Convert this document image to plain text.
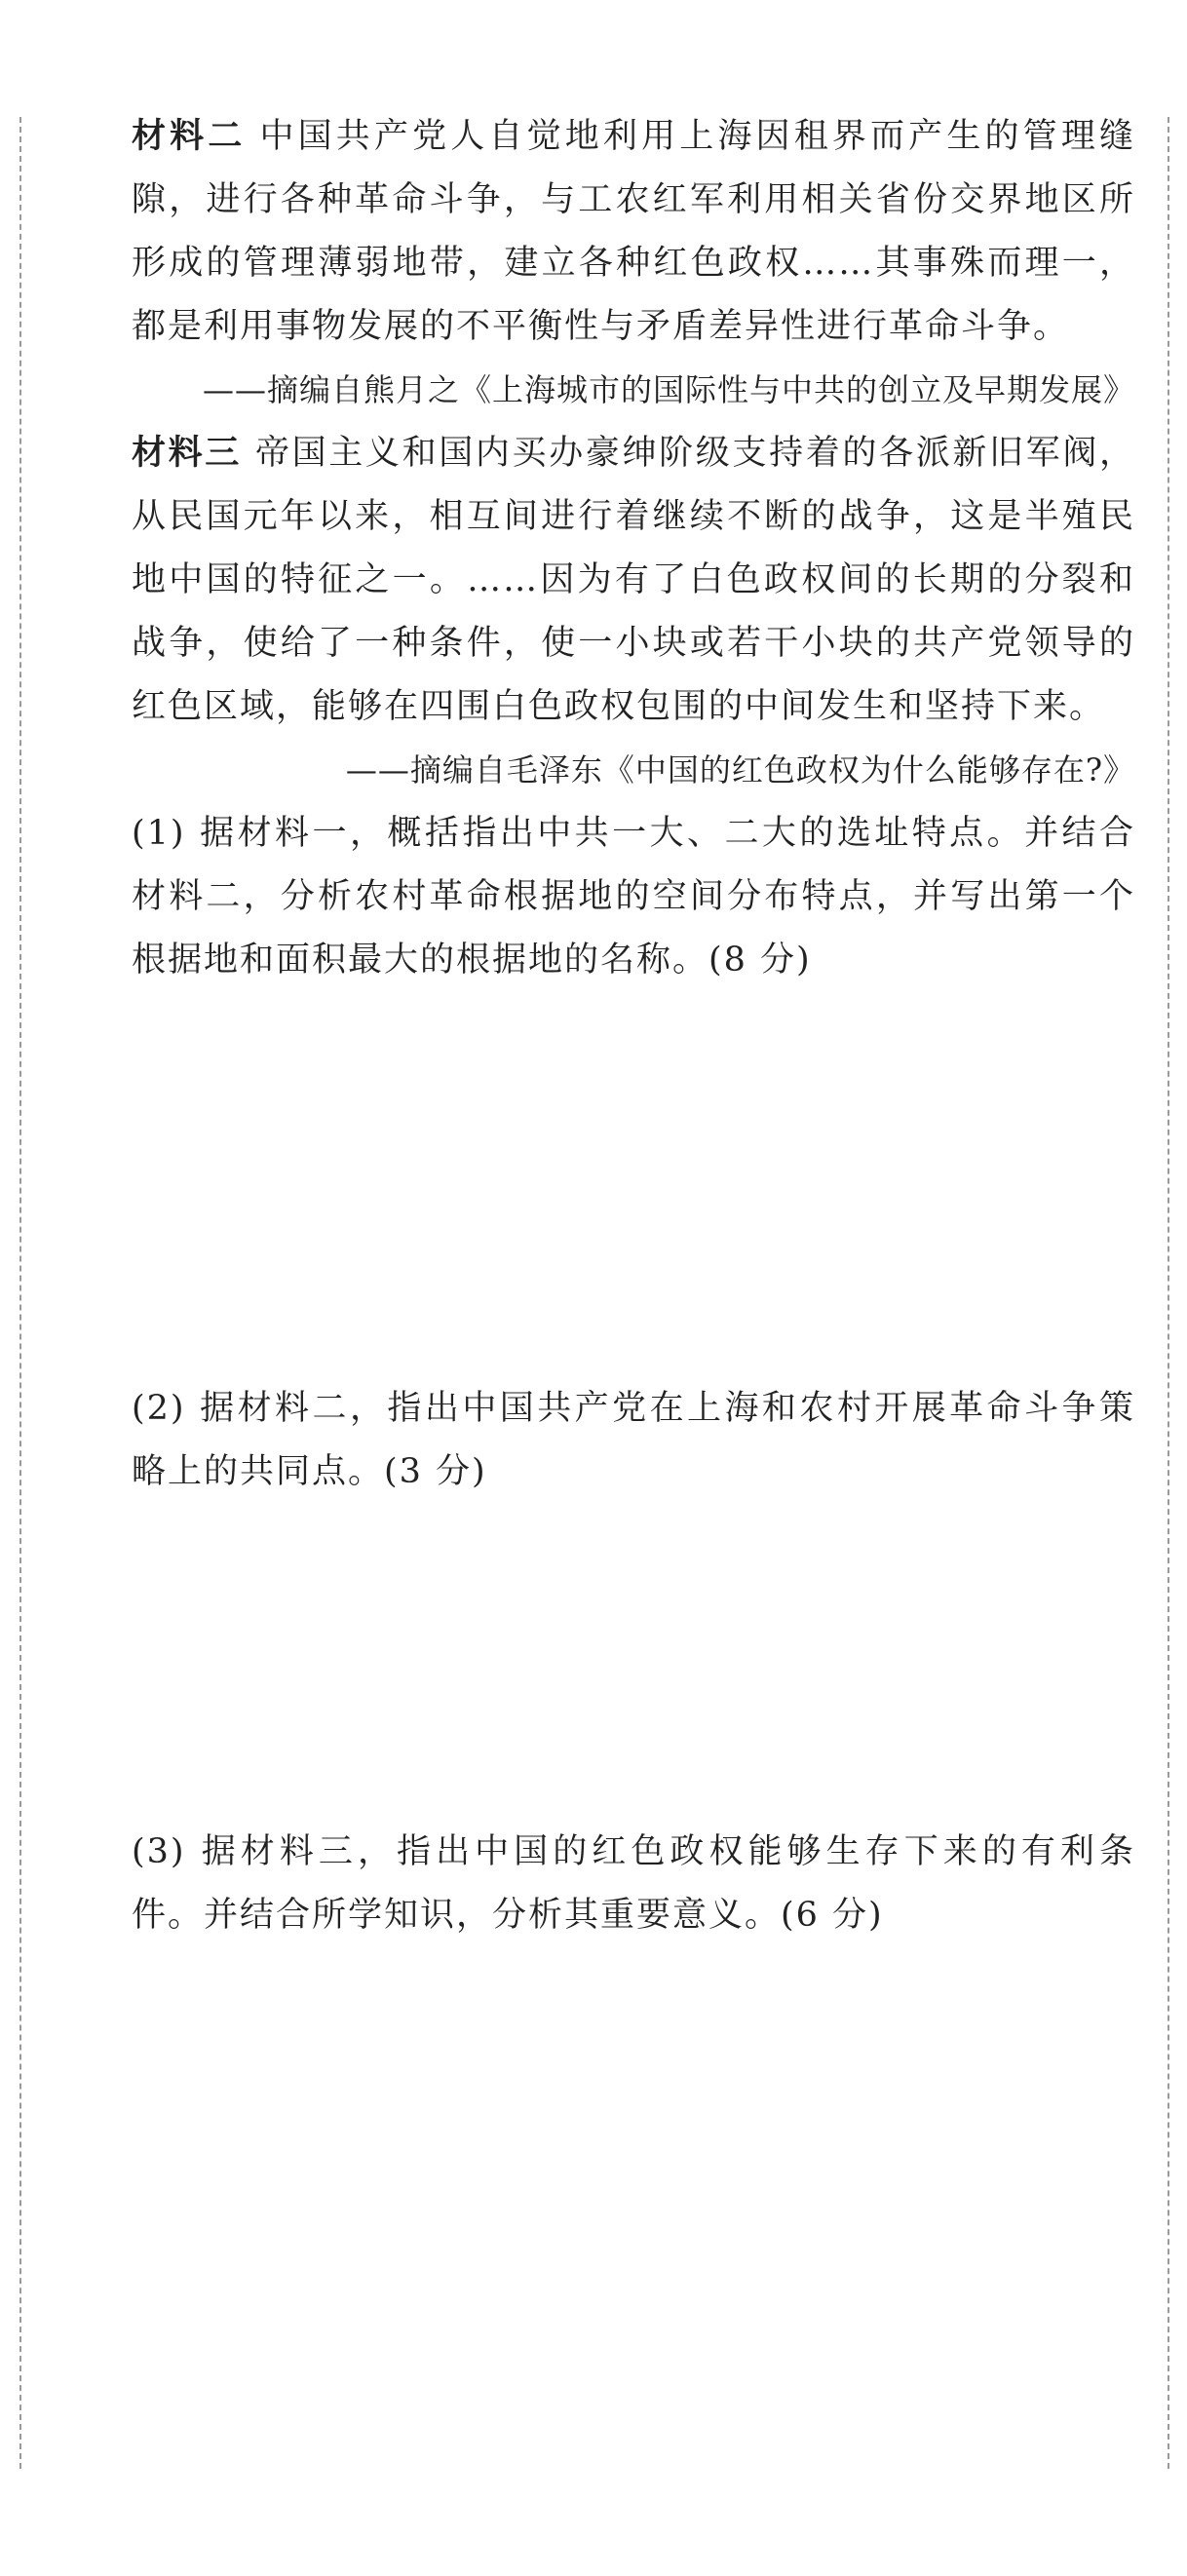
材料二 中国共产党人自觉地利用上海因租界而产生的管理缝隙，进行各种革命斗争，与工农红军利用相关省份交界地区所形成的管理薄弱地带，建立各种红色政权……其事殊而理一，都是利用事物发展的不平衡性与矛盾差异性进行革命斗争。

——摘编自熊月之《上海城市的国际性与中共的创立及早期发展》

材料三 帝国主义和国内买办豪绅阶级支持着的各派新旧军阀，从民国元年以来，相互间进行着继续不断的战争，这是半殖民地中国的特征之一。……因为有了白色政权间的长期的分裂和战争，使给了一种条件，使一小块或若干小块的共产党领导的红色区域，能够在四围白色政权包围的中间发生和坚持下来。

——摘编自毛泽东《中国的红色政权为什么能够存在?》

(1) 据材料一，概括指出中共一大、二大的选址特点。并结合材料二，分析农村革命根据地的空间分布特点，并写出第一个根据地和面积最大的根据地的名称。(8 分)

(2) 据材料二，指出中国共产党在上海和农村开展革命斗争策略上的共同点。(3 分)

(3) 据材料三，指出中国的红色政权能够生存下来的有利条件。并结合所学知识，分析其重要意义。(6 分)
